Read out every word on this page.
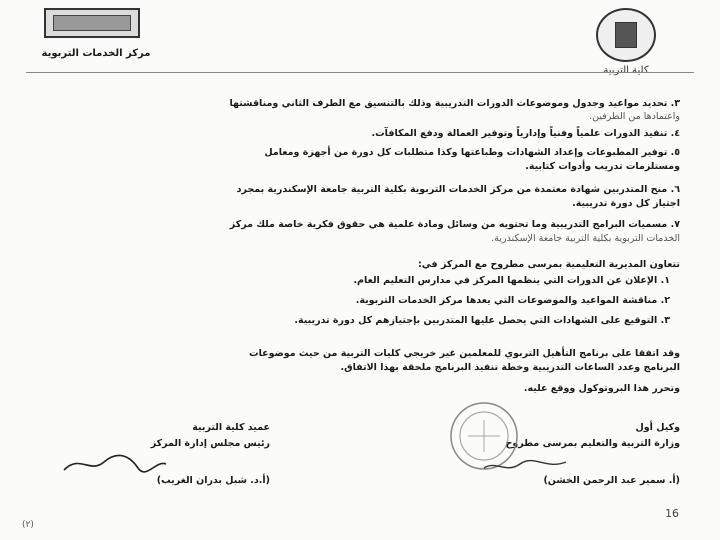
مركز الخدمات التربوية
كلية التربية
٣. تحديد مواعيد وجدول وموضوعات الدورات التدريبية وذلك بالتنسيق مع الطرف الثاني ومناقشتها
واعتمادها من الطرفين.
٤. تنفيذ الدورات علمياً وفنياً وإدارياً وتوفير العمالة ودفع المكافآت.
٥. توفير المطبوعات وإعداد الشهادات وطباعتها وكذا متطلبات كل دورة من أجهزة ومعامل
ومستلزمات تدريب وأدوات كتابية.
٦. منح المتدربين شهادة معتمدة من مركز الخدمات التربوية بكلية التربية جامعة الإسكندرية بمجرد
اجتياز كل دورة تدريبية.
٧. مسميات البرامج التدريبية وما تحتويه من وسائل ومادة علمية هي حقوق فكرية خاصة ملك مركز
الخدمات التربوية بكلية التربية جامعة الإسكندرية.
تتعاون المديرية التعليمية بمرسى مطروح مع المركز في:
١. الإعلان عن الدورات التي ينظمها المركز في مدارس التعليم العام.
٢. مناقشة المواعيد والموضوعات التي يعدها مركز الخدمات التربوية.
٣. التوقيع على الشهادات التي يحصل عليها المتدربين بإجتيازهم كل دورة تدريبية.
وقد اتفقا على برنامج التأهيل التربوي للمعلمين غير خريجي كليات التربية من حيث موضوعات
البرنامج وعدد الساعات التدريبية وخطة تنفيذ البرنامج ملحقة بهذا الاتفاق.
وتحرر هذا البروتوكول ووقع عليه.
عميد كلية التربية
رئيس مجلس إدارة المركز
(أ.د. شبل بدران الغريب)
وكيل أول
وزارة التربية والتعليم بمرسى مطروح
(أ. سمير عبد الرحمن الخشن)
16
(٢)
